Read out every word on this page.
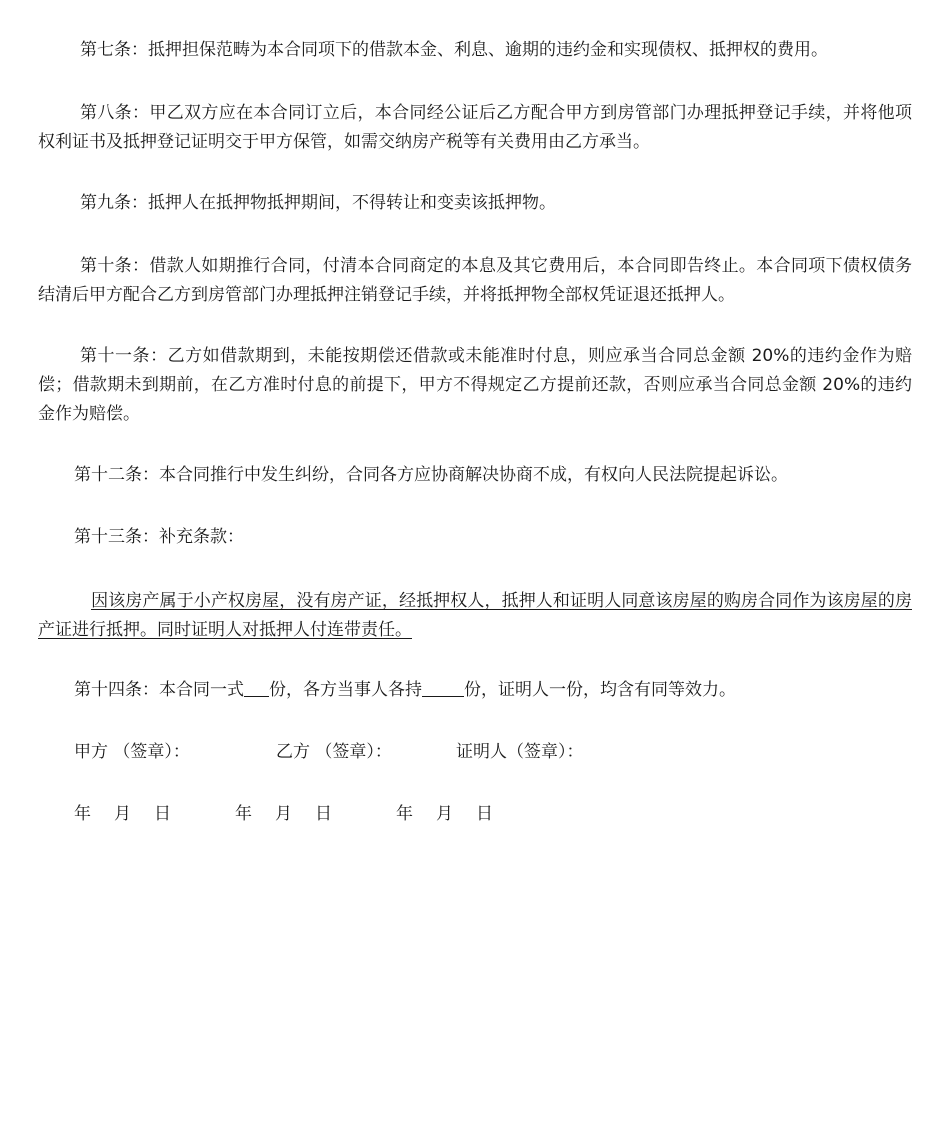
第七条：抵押担保范畴为本合同项下的借款本金、利息、逾期的违约金和实现债权、抵押权的费用。

第八条：甲乙双方应在本合同订立后，本合同经公证后乙方配合甲方到房管部门办理抵押登记手续，并将他项权利证书及抵押登记证明交于甲方保管，如需交纳房产税等有关费用由乙方承当。

第九条：抵押人在抵押物抵押期间，不得转让和变卖该抵押物。

第十条：借款人如期推行合同，付清本合同商定的本息及其它费用后，本合同即告终止。本合同项下债权债务结清后甲方配合乙方到房管部门办理抵押注销登记手续，并将抵押物全部权凭证退还抵押人。

第十一条：乙方如借款期到，未能按期偿还借款或未能准时付息，则应承当合同总金额 20%的违约金作为赔偿；借款期未到期前，在乙方准时付息的前提下，甲方不得规定乙方提前还款，否则应承当合同总金额 20%的违约金作为赔偿。

第十二条：本合同推行中发生纠纷，合同各方应协商解决协商不成，有权向人民法院提起诉讼。

第十三条：补充条款：

因该房产属于小产权房屋，没有房产证，经抵押权人，抵押人和证明人同意该房屋的购房合同作为该房屋的房产证进行抵押。同时证明人对抵押人付连带责任。

第十四条：本合同一式 份，各方当事人各持 份，证明人一份，均含有同等效力。

甲方 （签章）：	乙方 （签章）：	证明人（签章）：
年 月 日	年 月 日	年 月 日
